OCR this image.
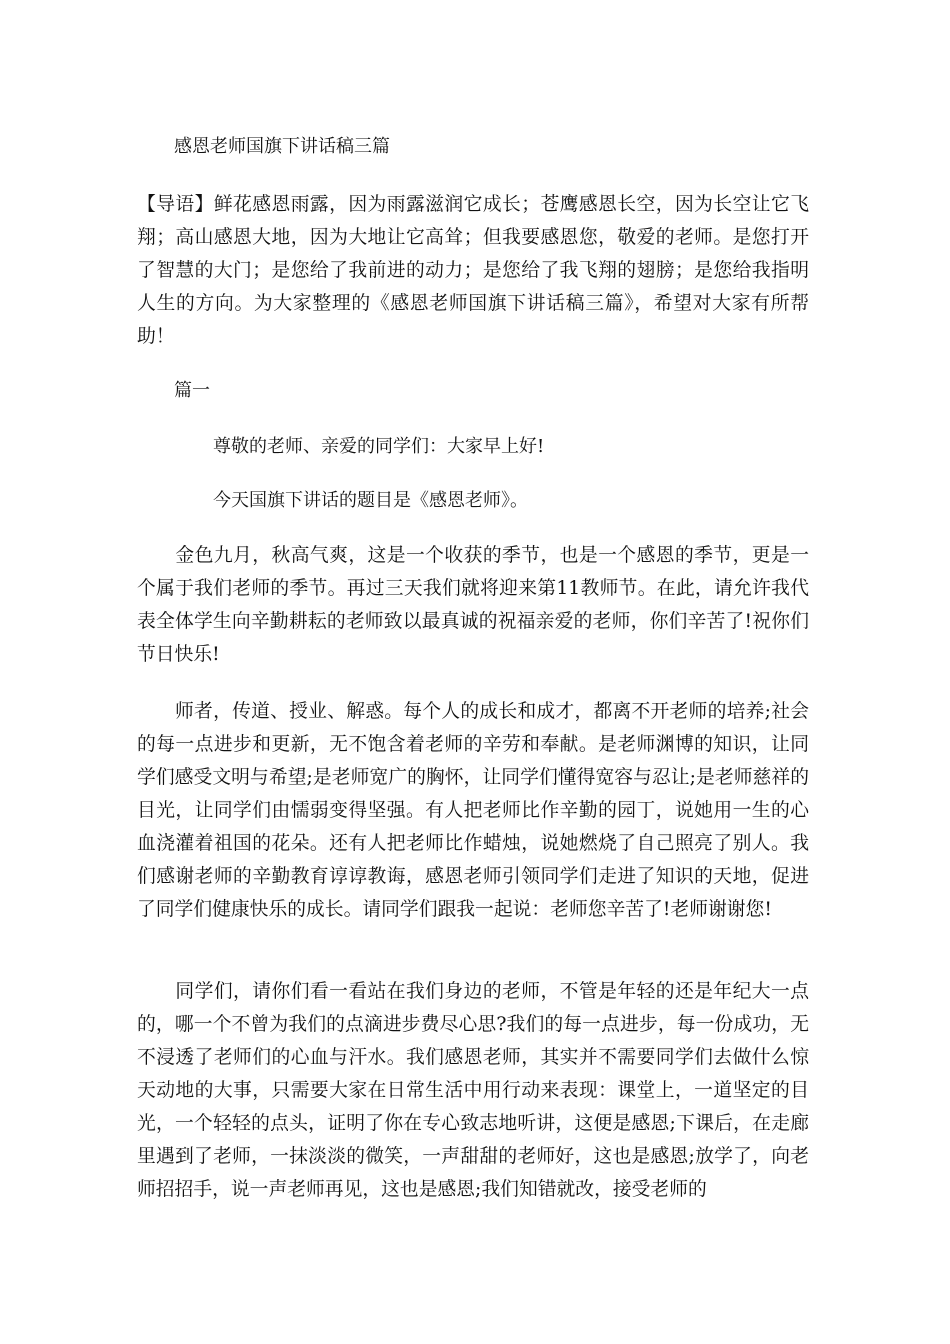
感恩老师国旗下讲话稿三篇

【导语】鲜花感恩雨露，因为雨露滋润它成长；苍鹰感恩长空，因为长空让它飞翔；高山感恩大地，因为大地让它高耸；但我要感恩您，敬爱的老师。是您打开了智慧的大门；是您给了我前进的动力；是您给了我飞翔的翅膀；是您给我指明人生的方向。为大家整理的《感恩老师国旗下讲话稿三篇》，希望对大家有所帮助！

篇一

尊敬的老师、亲爱的同学们：大家早上好!

今天国旗下讲话的题目是《感恩老师》。

　　金色九月，秋高气爽，这是一个收获的季节，也是一个感恩的季节，更是一个属于我们老师的季节。再过三天我们就将迎来第11教师节。在此，请允许我代表全体学生向辛勤耕耘的老师致以最真诚的祝福亲爱的老师，你们辛苦了!祝你们节日快乐!

　　师者，传道、授业、解惑。每个人的成长和成才，都离不开老师的培养;社会的每一点进步和更新，无不饱含着老师的辛劳和奉献。是老师渊博的知识，让同学们感受文明与希望;是老师宽广的胸怀，让同学们懂得宽容与忍让;是老师慈祥的目光，让同学们由懦弱变得坚强。有人把老师比作辛勤的园丁，说她用一生的心血浇灌着祖国的花朵。还有人把老师比作蜡烛，说她燃烧了自己照亮了别人。我们感谢老师的辛勤教育谆谆教诲，感恩老师引领同学们走进了知识的天地，促进了同学们健康快乐的成长。请同学们跟我一起说：老师您辛苦了!老师谢谢您!

　　同学们，请你们看一看站在我们身边的老师，不管是年轻的还是年纪大一点的，哪一个不曾为我们的点滴进步费尽心思?我们的每一点进步，每一份成功，无不浸透了老师们的心血与汗水。我们感恩老师，其实并不需要同学们去做什么惊天动地的大事，只需要大家在日常生活中用行动来表现：课堂上，一道坚定的目光，一个轻轻的点头，证明了你在专心致志地听讲，这便是感恩;下课后，在走廊里遇到了老师，一抹淡淡的微笑，一声甜甜的老师好，这也是感恩;放学了，向老师招招手，说一声老师再见，这也是感恩;我们知错就改，接受老师的
